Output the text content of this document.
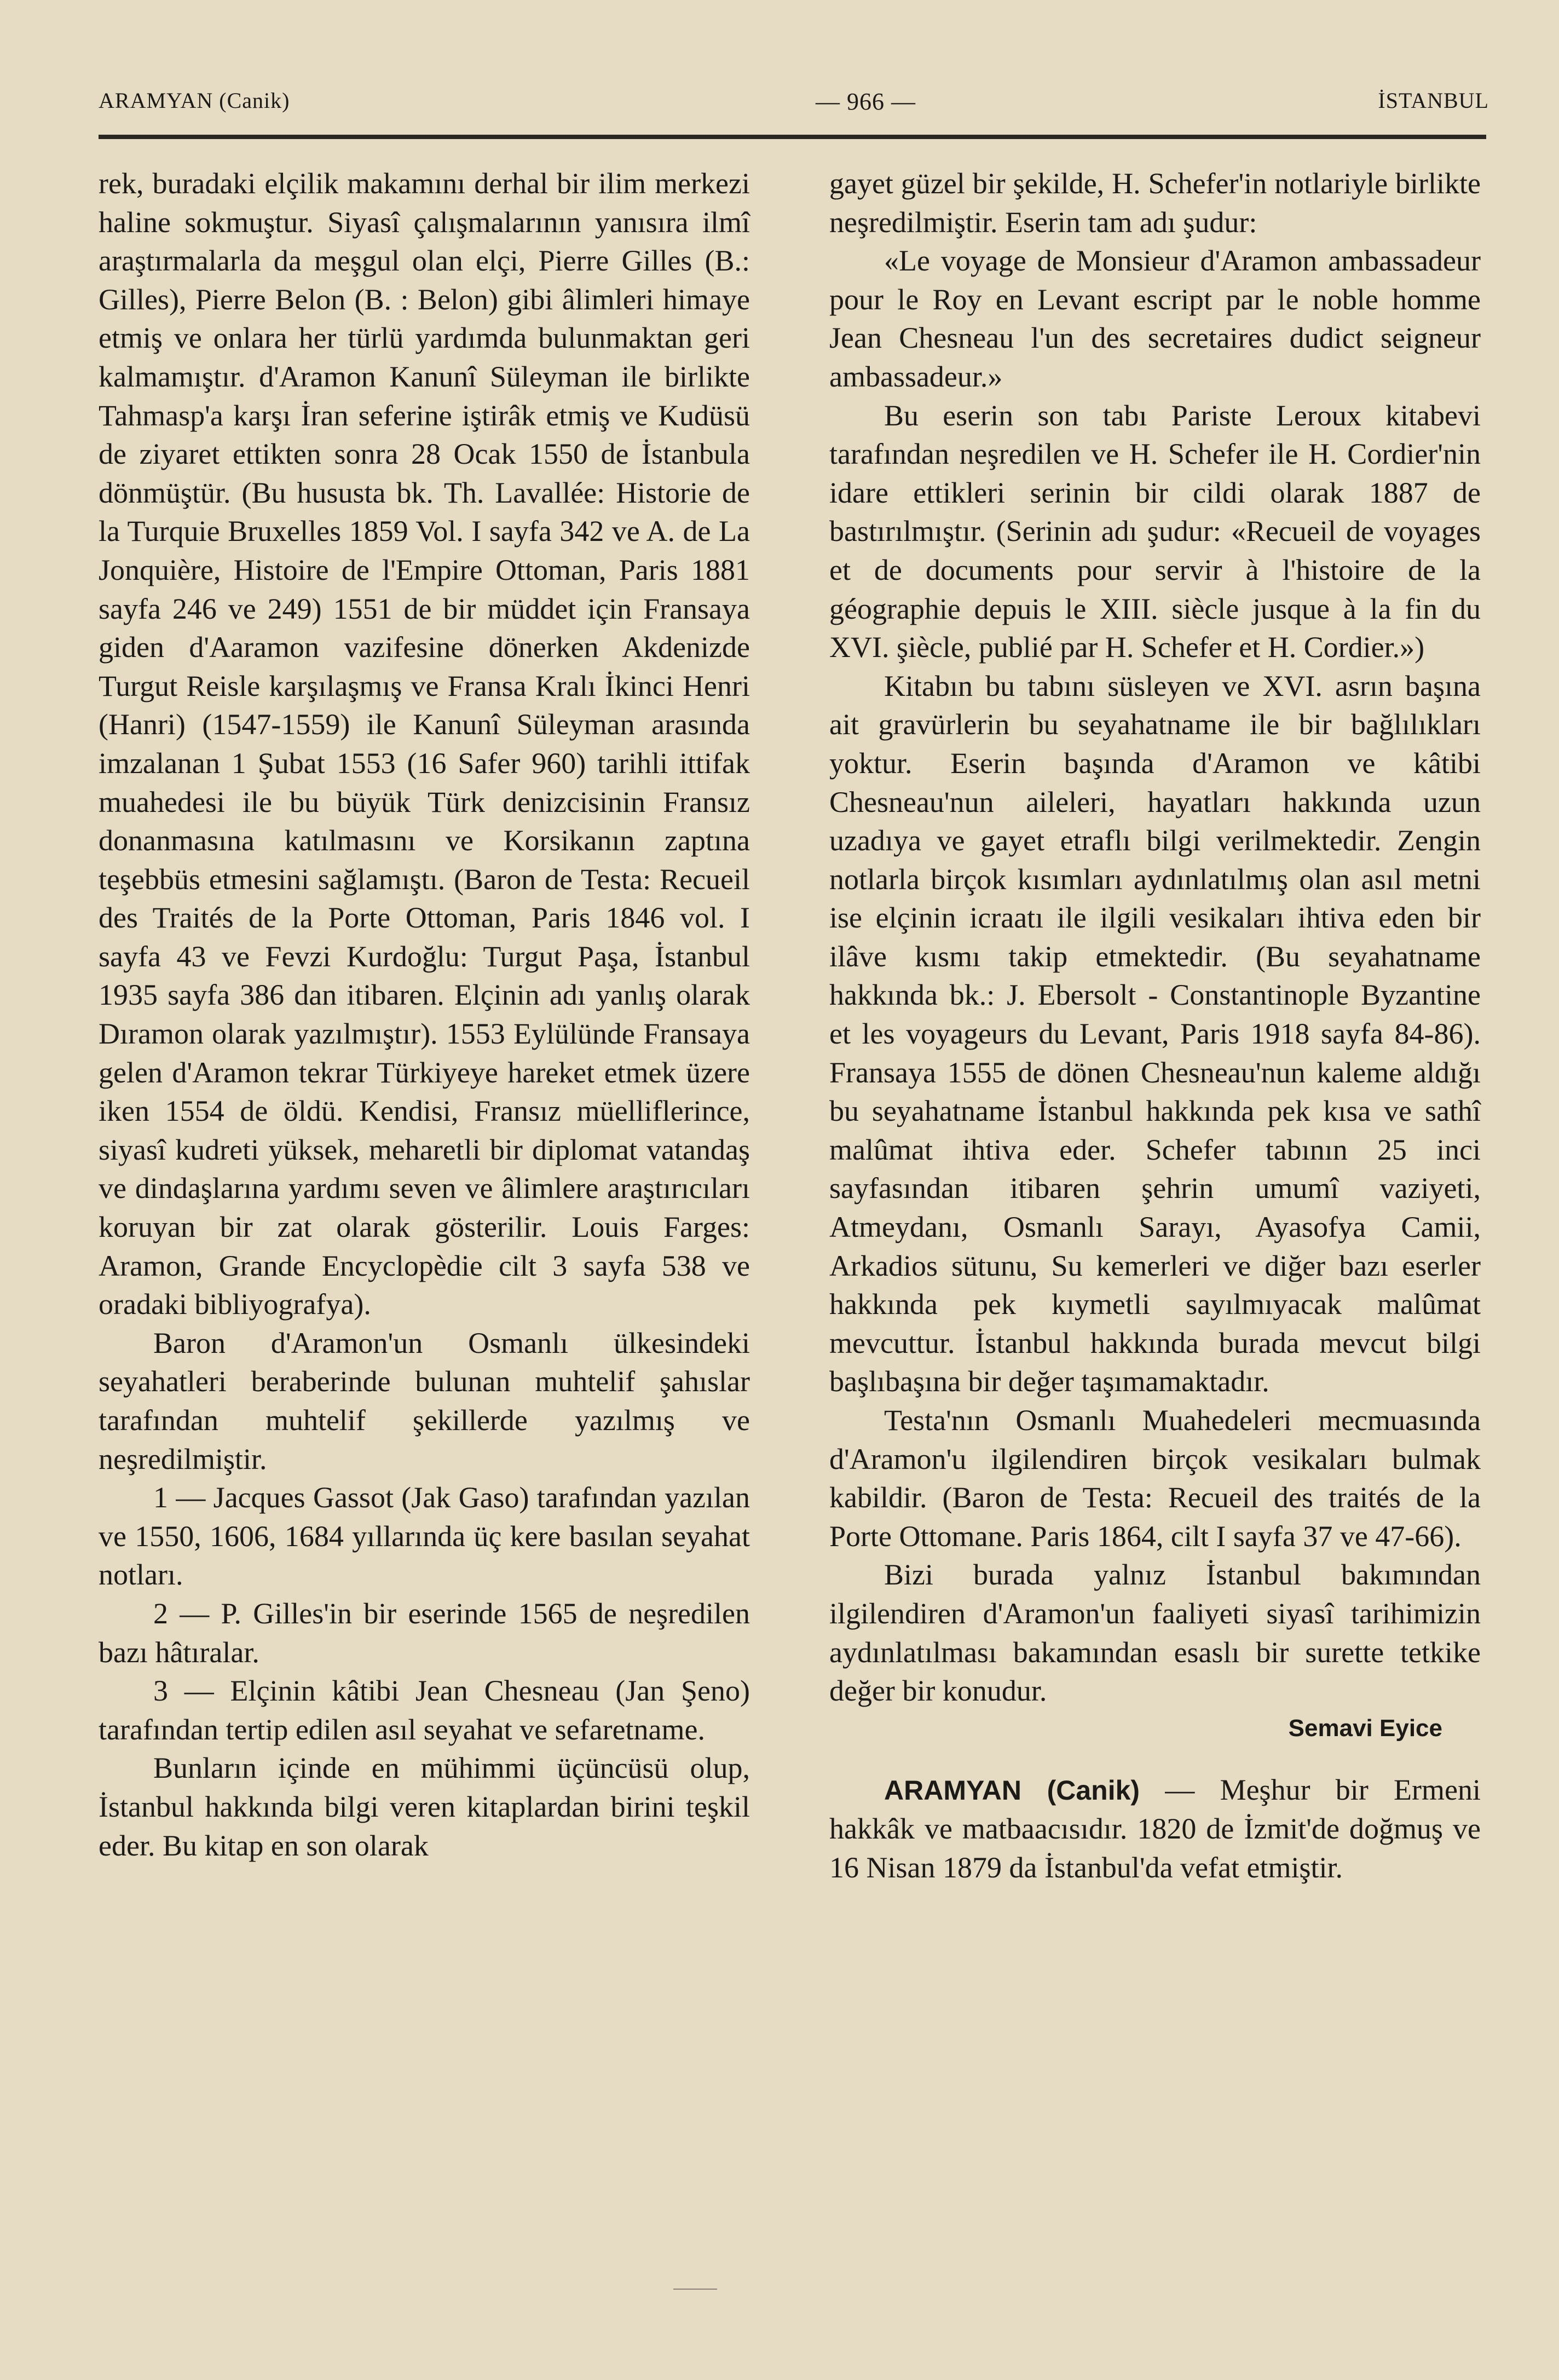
ARAMYAN (Canik)	— 966 —	İSTANBUL

rek, buradaki elçilik makamını derhal bir ilim merkezi haline sokmuştur. Siyasî çalışmalarının yanısıra ilmî araştırmalarla da meşgul olan elçi, Pierre Gilles (B.: Gilles), Pierre Belon (B. : Belon) gibi âlimleri himaye etmiş ve onlara her türlü yardımda bulunmaktan geri kalmamıştır. d'Aramon Kanunî Süleyman ile birlikte Tahmasp'a karşı İran seferine iştirâk etmiş ve Kudüsü de ziyaret ettikten sonra 28 Ocak 1550 de İstanbula dönmüştür. (Bu hususta bk. Th. Lavallée: Historie de la Turquie Bruxelles 1859 Vol. I sayfa 342 ve A. de La Jonquière, Histoire de l'Empire Ottoman, Paris 1881 sayfa 246 ve 249) 1551 de bir müddet için Fransaya giden d'Aaramon vazifesine dönerken Akdenizde Turgut Reisle karşılaşmış ve Fransa Kralı İkinci Henri (Hanri) (1547-1559) ile Kanunî Süleyman arasında imzalanan 1 Şubat 1553 (16 Safer 960) tarihli ittifak muahedesi ile bu büyük Türk denizcisinin Fransız donanmasına katılmasını ve Korsikanın zaptına teşebbüs etmesini sağlamıştı. (Baron de Testa: Recueil des Traités de la Porte Ottoman, Paris 1846 vol. I sayfa 43 ve Fevzi Kurdoğlu: Turgut Paşa, İstanbul 1935 sayfa 386 dan itibaren. Elçinin adı yanlış olarak Dıramon olarak yazılmıştır). 1553 Eylülünde Fransaya gelen d'Aramon tekrar Türkiyeye hareket etmek üzere iken 1554 de öldü. Kendisi, Fransız müelliflerince, siyasî kudreti yüksek, meharetli bir diplomat vatandaş ve dindaşlarına yardımı seven ve âlimlere araştırıcıları koruyan bir zat olarak gösterilir. Louis Farges: Aramon, Grande Encyclopèdie cilt 3 sayfa 538 ve oradaki bibliyografya).

Baron d'Aramon'un Osmanlı ülkesindeki seyahatleri beraberinde bulunan muhtelif şahıslar tarafından muhtelif şekillerde yazılmış ve neşredilmiştir.

1 — Jacques Gassot (Jak Gaso) tarafından yazılan ve 1550, 1606, 1684 yıllarında üç kere basılan seyahat notları.

2 — P. Gilles'in bir eserinde 1565 de neşredilen bazı hâtıralar.

3 — Elçinin kâtibi Jean Chesneau (Jan Şeno) tarafından tertip edilen asıl seyahat ve sefaretname.

Bunların içinde en mühimmi üçüncüsü olup, İstanbul hakkında bilgi veren kitaplardan birini teşkil eder. Bu kitap en son olarak

gayet güzel bir şekilde, H. Schefer'in notlariyle birlikte neşredilmiştir. Eserin tam adı şudur:

«Le voyage de Monsieur d'Aramon ambassadeur pour le Roy en Levant escript par le noble homme Jean Chesneau l'un des secretaires dudict seigneur ambassadeur.»

Bu eserin son tabı Pariste Leroux kitabevi tarafından neşredilen ve H. Schefer ile H. Cordier'nin idare ettikleri serinin bir cildi olarak 1887 de bastırılmıştır. (Serinin adı şudur: «Recueil de voyages et de documents pour servir à l'histoire de la géographie depuis le XIII. siècle jusque à la fin du XVI. şiècle, publié par H. Schefer et H. Cordier.»)

Kitabın bu tabını süsleyen ve XVI. asrın başına ait gravürlerin bu seyahatname ile bir bağlılıkları yoktur. Eserin başında d'Aramon ve kâtibi Chesneau'nun aileleri, hayatları hakkında uzun uzadıya ve gayet etraflı bilgi verilmektedir. Zengin notlarla birçok kısımları aydınlatılmış olan asıl metni ise elçinin icraatı ile ilgili vesikaları ihtiva eden bir ilâve kısmı takip etmektedir. (Bu seyahatname hakkında bk.: J. Ebersolt - Constantinople Byzantine et les voyageurs du Levant, Paris 1918 sayfa 84-86). Fransaya 1555 de dönen Chesneau'nun kaleme aldığı bu seyahatname İstanbul hakkında pek kısa ve sathî malûmat ihtiva eder. Schefer tabının 25 inci sayfasından itibaren şehrin umumî vaziyeti, Atmeydanı, Osmanlı Sarayı, Ayasofya Camii, Arkadios sütunu, Su kemerleri ve diğer bazı eserler hakkında pek kıymetli sayılmıyacak malûmat mevcuttur. İstanbul hakkında burada mevcut bilgi başlıbaşına bir değer taşımamaktadır.

Testa'nın Osmanlı Muahedeleri mecmuasında d'Aramon'u ilgilendiren birçok vesikaları bulmak kabildir. (Baron de Testa: Recueil des traités de la Porte Ottomane. Paris 1864, cilt I sayfa 37 ve 47-66).

Bizi burada yalnız İstanbul bakımından ilgilendiren d'Aramon'un faaliyeti siyasî tarihimizin aydınlatılması bakamından esaslı bir surette tetkike değer bir konudur.

Semavi Eyice

ARAMYAN (Canik) — Meşhur bir Ermeni hakkâk ve matbaacısıdır. 1820 de İzmit'de doğmuş ve 16 Nisan 1879 da İstanbul'da vefat etmiştir.
